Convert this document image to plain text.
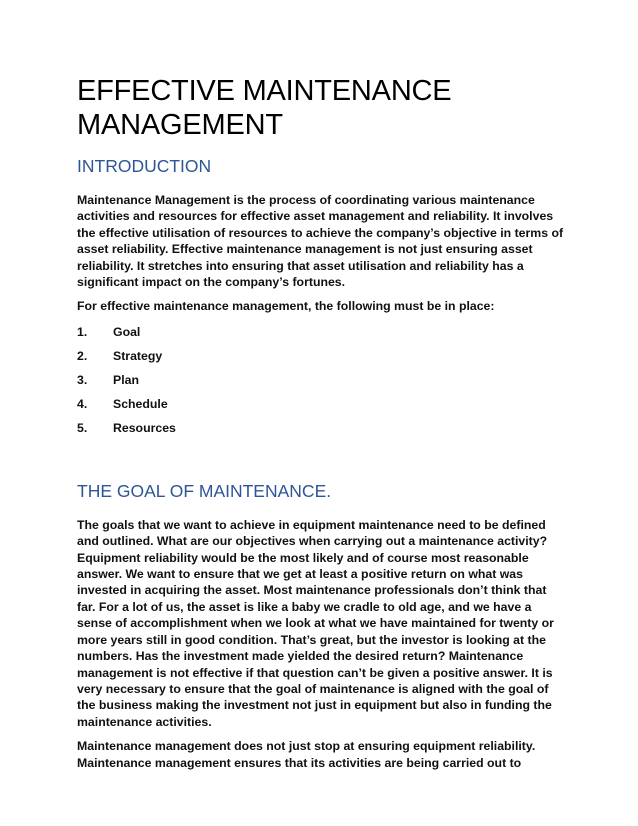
EFFECTIVE MAINTENANCE MANAGEMENT
INTRODUCTION

Maintenance Management is the process of coordinating various maintenance activities and resources for effective asset management and reliability. It involves the effective utilisation of resources to achieve the company’s objective in terms of asset reliability. Effective maintenance management is not just ensuring asset reliability. It stretches into ensuring that asset utilisation and reliability has a significant impact on the company’s fortunes.

For effective maintenance management, the following must be in place:

1.	Goal
2.	Strategy
3.	Plan
4.	Schedule
5.	Resources
THE GOAL OF MAINTENANCE.

The goals that we want to achieve in equipment maintenance need to be defined and outlined. What are our objectives when carrying out a maintenance activity? Equipment reliability would be the most likely and of course most reasonable answer. We want to ensure that we get at least a positive return on what was invested in acquiring the asset. Most maintenance professionals don’t think that far. For a lot of us, the asset is like a baby we cradle to old age, and we have a sense of accomplishment when we look at what we have maintained for twenty or more years still in good condition. That’s great, but the investor is looking at the numbers. Has the investment made yielded the desired return? Maintenance management is not effective if that question can’t be given a positive answer. It is very necessary to ensure that the goal of maintenance is aligned with the goal of the business making the investment not just in equipment but also in funding the maintenance activities.

Maintenance management does not just stop at ensuring equipment reliability. Maintenance management ensures that its activities are being carried out to
